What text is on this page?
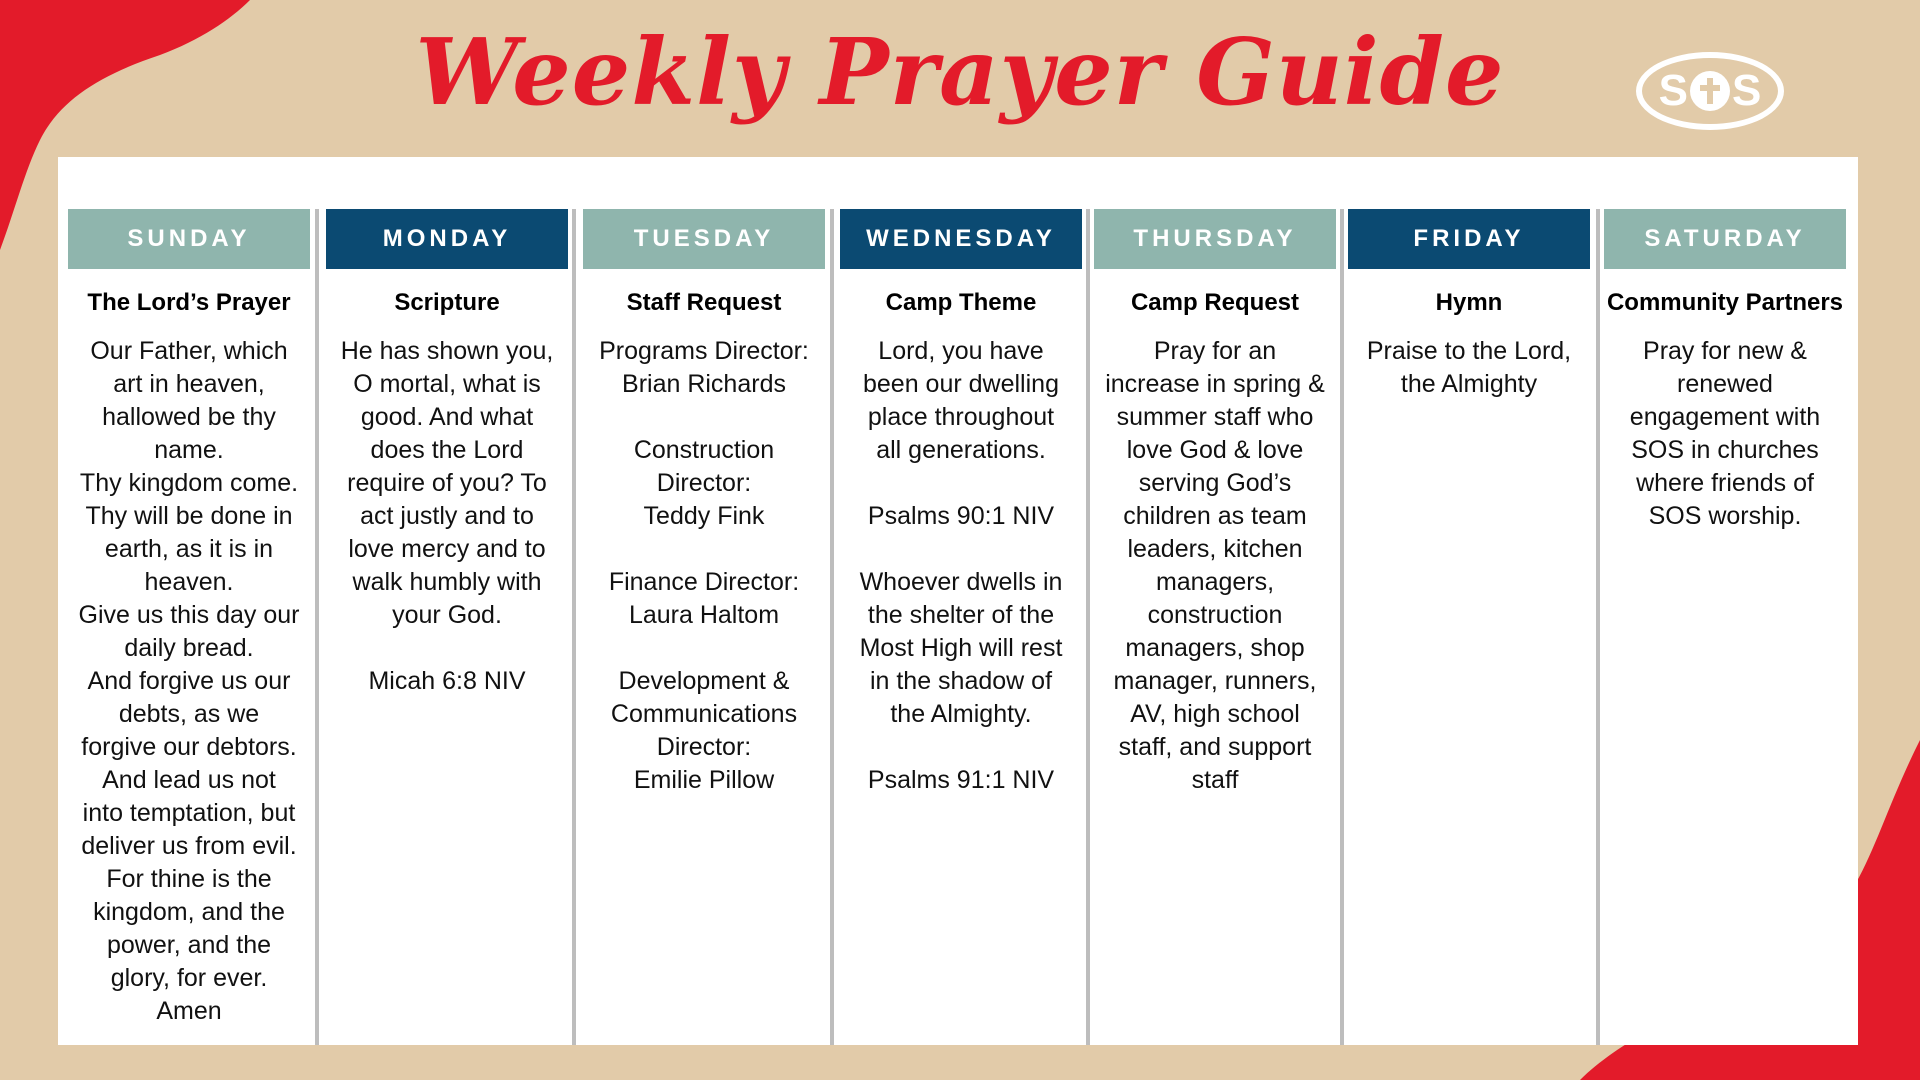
Weekly Prayer Guide	S S
SUNDAY
The Lord’s Prayer
Our Father, which
art in heaven,
hallowed be thy
name.
Thy kingdom come.
Thy will be done in
earth, as it is in
heaven.
Give us this day our
daily bread.
And forgive us our
debts, as we
forgive our debtors.
And lead us not
into temptation, but
deliver us from evil.
For thine is the
kingdom, and the
power, and the
glory, for ever.
Amen
MONDAY
Scripture
He has shown you,
O mortal, what is
good. And what
does the Lord
require of you? To
act justly and to
love mercy and to
walk humbly with
your God.

Micah 6:8 NIV
TUESDAY
Staff Request
Programs Director:
Brian Richards

Construction
Director:
Teddy Fink

Finance Director:
Laura Haltom

Development &
Communications
Director:
Emilie Pillow
WEDNESDAY
Camp Theme
Lord, you have
been our dwelling
place throughout
all generations.

Psalms 90:1 NIV

Whoever dwells in
the shelter of the
Most High will rest
in the shadow of
the Almighty.

Psalms 91:1 NIV
THURSDAY
Camp Request
Pray for an
increase in spring &
summer staff who
love God & love
serving God’s
children as team
leaders, kitchen
managers,
construction
managers, shop
manager, runners,
AV, high school
staff, and support
staff
FRIDAY
Hymn
Praise to the Lord,
the Almighty
SATURDAY
Community Partners
Pray for new &
renewed
engagement with
SOS in churches
where friends of
SOS worship.
